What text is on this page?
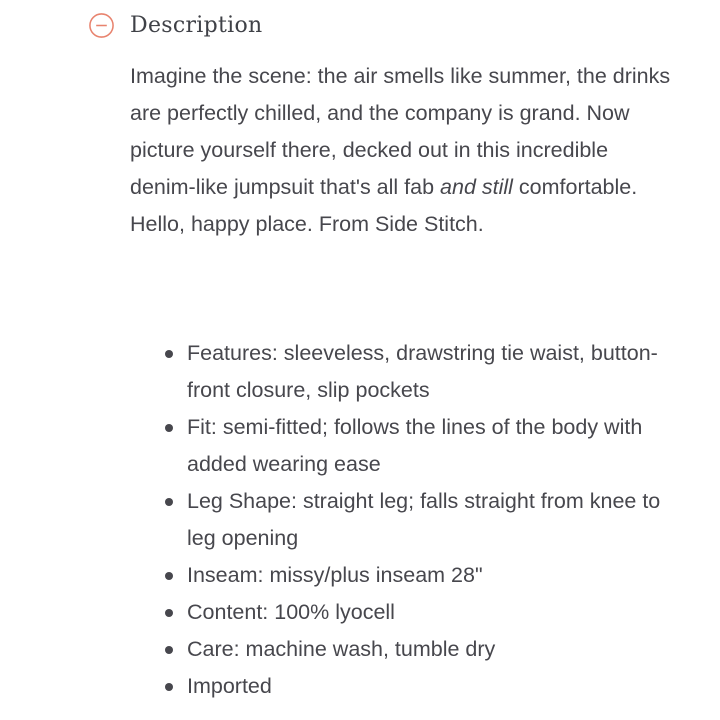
Description

Imagine the scene: the air smells like summer, the drinks are perfectly chilled, and the company is grand. Now picture yourself there, decked out in this incredible denim-like jumpsuit that's all fab and still comfortable. Hello, happy place. From Side Stitch.

Features: sleeveless, drawstring tie waist, button-front closure, slip pockets
Fit: semi-fitted; follows the lines of the body with added wearing ease
Leg Shape: straight leg; falls straight from knee to leg opening
Inseam: missy/plus inseam 28"
Content: 100% lyocell
Care: machine wash, tumble dry
Imported
